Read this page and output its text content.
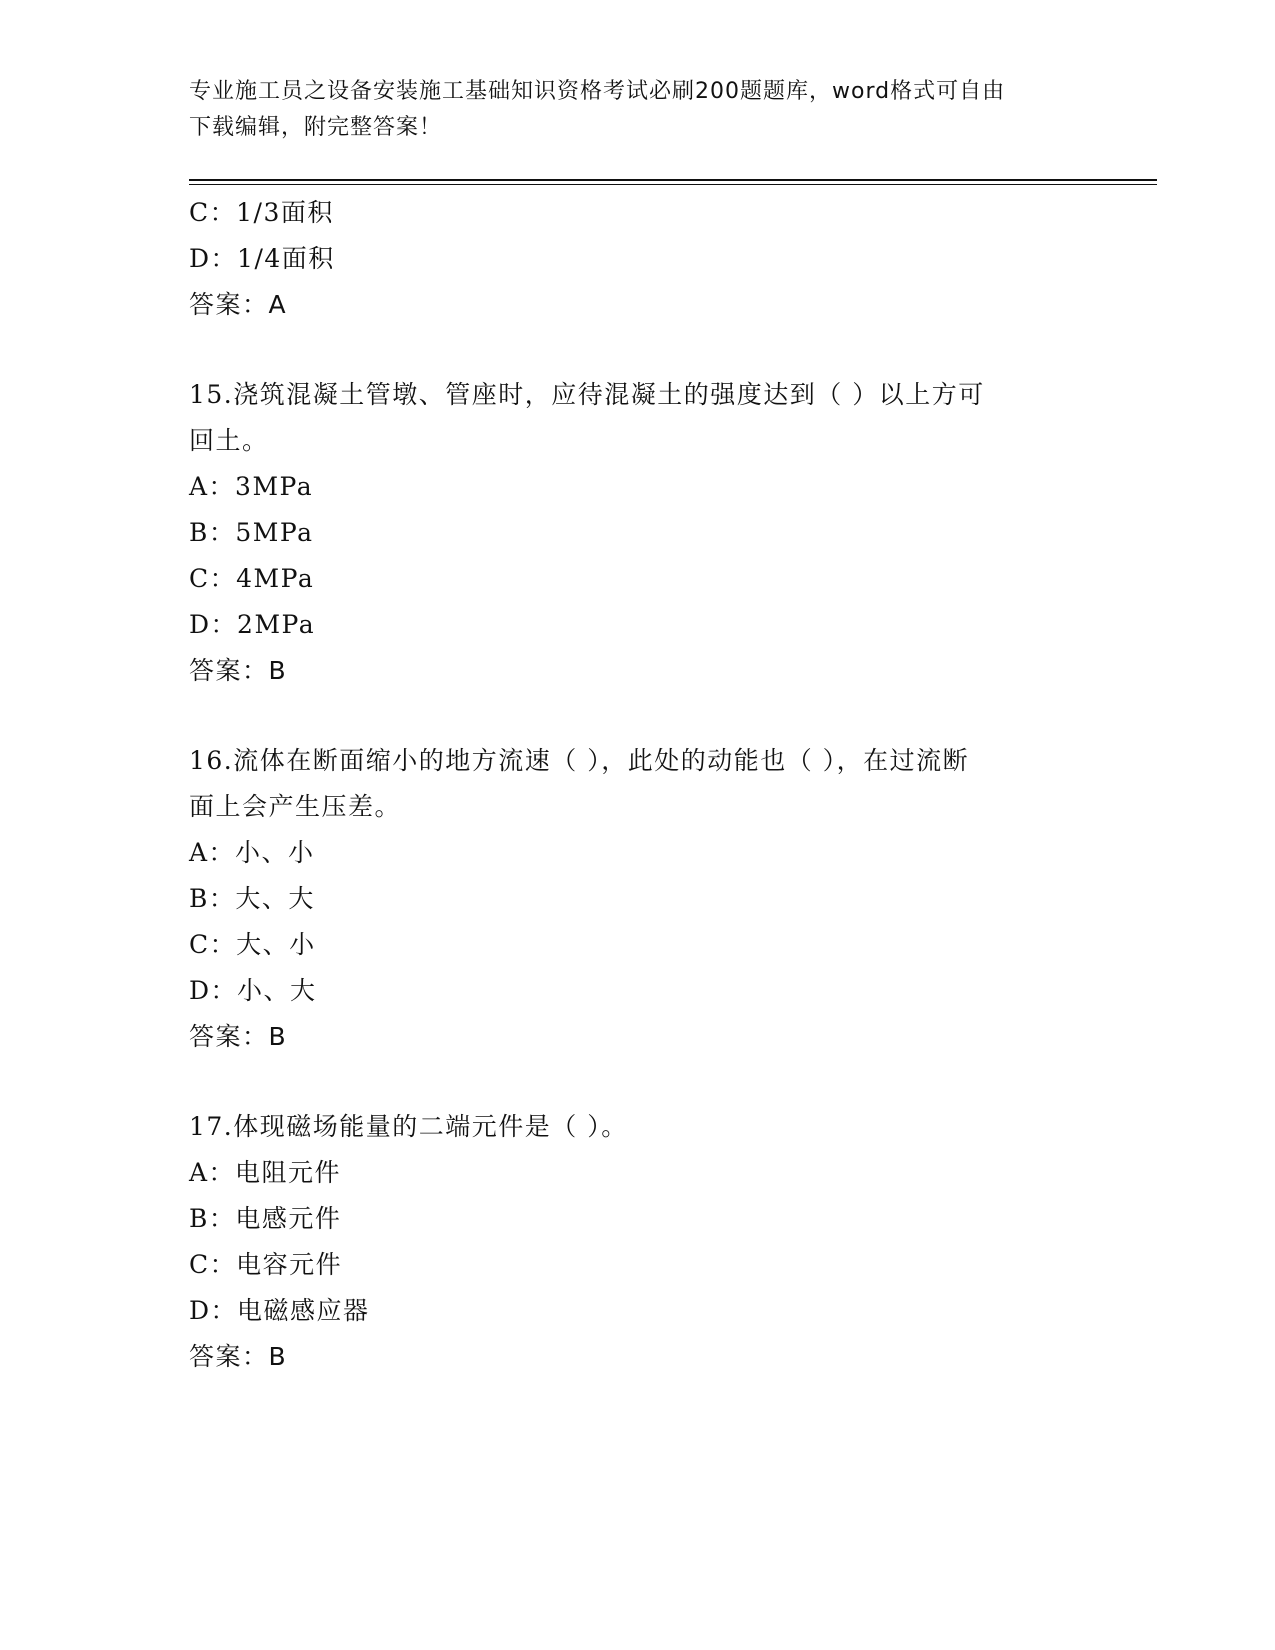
专业施工员之设备安装施工基础知识资格考试必刷200题题库，word格式可自由
下载编辑，附完整答案！
C：1/3面积
D：1/4面积
答案：A
15.浇筑混凝土管墩、管座时，应待混凝土的强度达到（ ）以上方可
回土。
A：3MPa
B：5MPa
C：4MPa
D：2MPa
答案：B
16.流体在断面缩小的地方流速（ ），此处的动能也（ ），在过流断
面上会产生压差。
A：小、小
B：大、大
C：大、小
D：小、大
答案：B
17.体现磁场能量的二端元件是（ ）。
A：电阻元件
B：电感元件
C：电容元件
D：电磁感应器
答案：B
